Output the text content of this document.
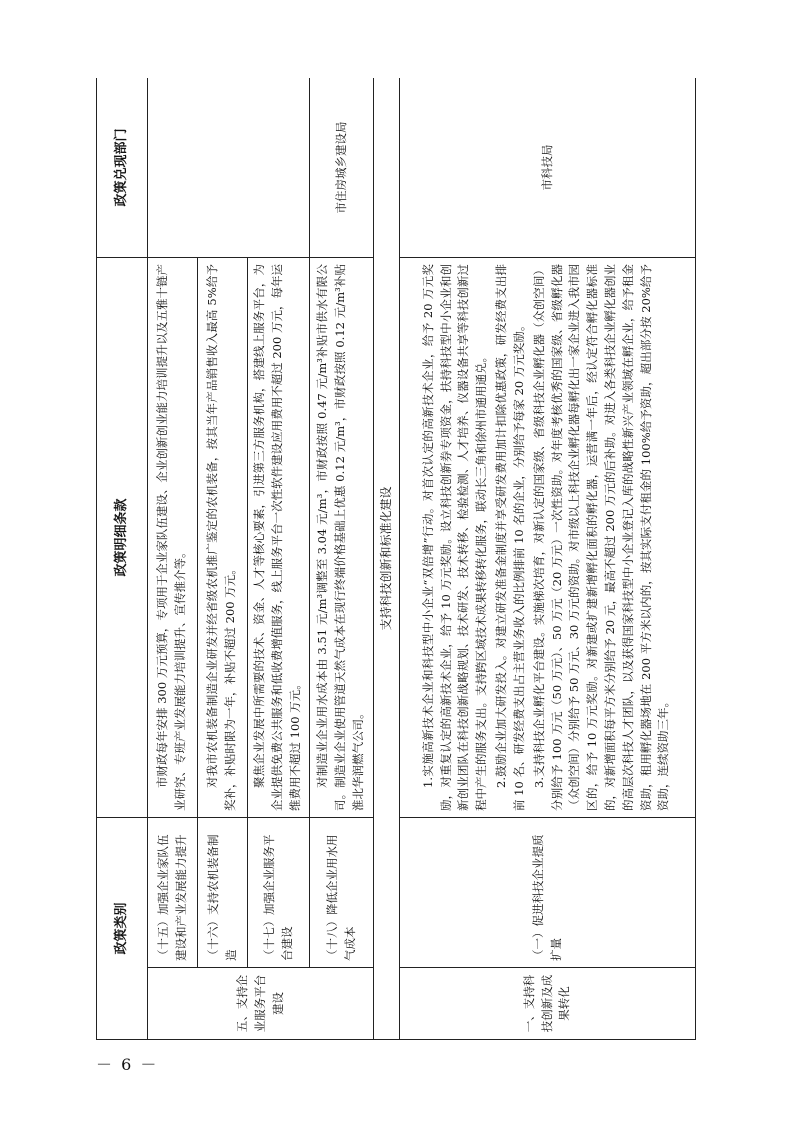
政策类别		政策明细条款	政策兑现部门
五、支持企业服务平台建设	（十五）加强企业家队伍建设和产业发展能力提升	市财政每年安排 300 万元预算，专项用于企业家队伍建设、企业创新创业能力培训提升以及五雅十链产业研究、专班产业发展能力培训提升、宣传推介等。	

	（十六）支持农机装备制造	对我市农机装备制造企业研发并经省级农机推广鉴定的农机装备，按其当年产品销售收入最高 5%给予奖补，补贴时限为一年，补贴不超过 200 万元。	

	（十七）加强企业服务平台建设	聚焦企业发展中所需要的技术、资金、人才等核心要素，引进第三方服务机构，搭建线上服务平台，为企业提供免费公共服务和低收费增值服务，线上服务平台一次性软件建设应用费用不超过 200 万元，每年运维费用不超过 100 万元。	

	（十八）降低企业用水用气成本	对制造业企业用水成本由 3.51 元/m³调整至 3.04 元/m³，市财政按照 0.47 元/m³补贴市供水有限公司。制造业企业使用管道天然气成本在现行终端价格基础上优惠 0.12 元/m³，市财政按照 0.12 元/m³补贴淮北华润燃气公司。	市住房城乡建设局
支持科技创新和标准化建设			
一、支持科技创新及成果转化	（一）促进科技企业提质扩量	1.实施高新技术企业和科技型中小企业“双倍增”行动。对首次认定的高新技术企业，给予 20 万元奖励，对重复认定的高新技术企业，给予 10 万元奖励。设立科技创新券专项资金，扶持科技型中小企业和创新创业团队在科技创新战略规划、技术研发、技术转移、检验检测、人才培养、仪器设备共享等科技创新过程中产生的服务支出。支持跨区域技术成果转移转化服务，联动长三角和徐州市通用通兑。 2.鼓励企业加大研发投入。对建立研发准备金制度并享受研发费用加计扣除优惠政策，研发经费支出排前 10 名、研发经费支出占主营业务收入的比例排前 10 名的企业，分别给予每家 20 万元奖励。 3.支持科技企业孵化平台建设。实施梯次培育，对新认定的国家级、省级科技企业孵化器（众创空间）分别给予 100 万元（50 万元）、50 万元（20 万元）一次性资助。对年度考核优秀的国家级、省级孵化器（众创空间）分别给予 50 万元、30 万元的资助。对市级以上科技企业孵化器每孵化出一家企业进入我市园区的，给予 10 万元奖励。对新建或扩建新增孵化面积的孵化器，运营满一年后，经认定符合孵化器标准的，对新增面积每平方米分别给予 20 元，最高不超过 200 万元的后补助。对进入各类科技企业孵化器创业的高层次科技人才团队，以及获得国家科技型中小企业登记入库的战略性新兴产业领域在孵企业，给予租金资助，租用孵化器场地在 200 平方米以内的，按其实际支付租金的 100%给予资助，超出部分按 20%给予资助，连续资助三年。	市科技局
－ 6 －
